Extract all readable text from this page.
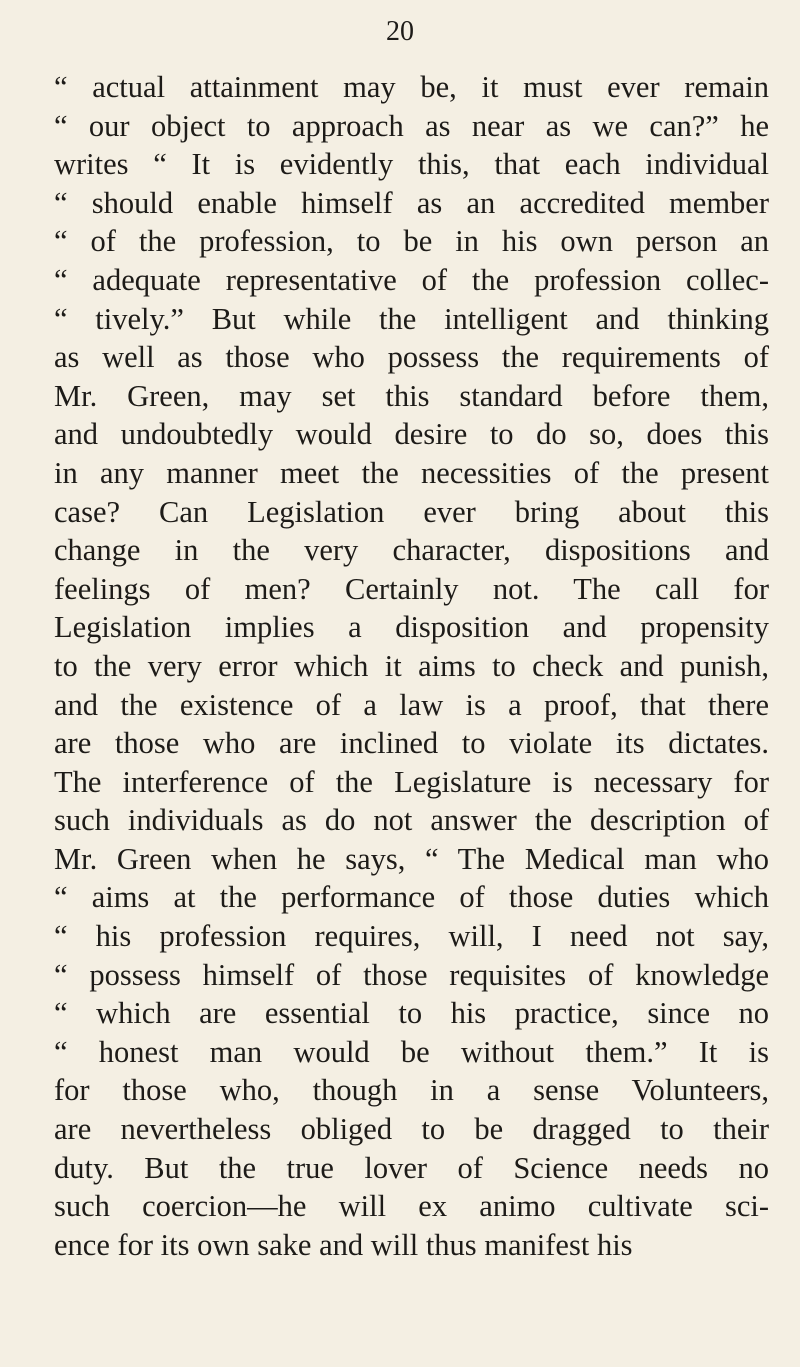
20
“ actual attainment may be, it must ever remain
“ our object to approach as near as we can?” he
writes “ It is evidently this, that each individual
“ should enable himself as an accredited member
“ of the profession, to be in his own person an
“ adequate representative of the profession collec-
“ tively.” But while the intelligent and thinking
as well as those who possess the requirements of
Mr. Green, may set this standard before them,
and undoubtedly would desire to do so, does this
in any manner meet the necessities of the present
case? Can Legislation ever bring about this
change in the very character, dispositions and
feelings of men? Certainly not. The call for
Legislation implies a disposition and propensity
to the very error which it aims to check and punish,
and the existence of a law is a proof, that there
are those who are inclined to violate its dictates.
The interference of the Legislature is necessary for
such individuals as do not answer the description of
Mr. Green when he says, “ The Medical man who
“ aims at the performance of those duties which
“ his profession requires, will, I need not say,
“ possess himself of those requisites of knowledge
“ which are essential to his practice, since no
“ honest man would be without them.” It is
for those who, though in a sense Volunteers,
are nevertheless obliged to be dragged to their
duty. But the true lover of Science needs no
such coercion—he will ex animo cultivate sci-
ence for its own sake and will thus manifest his
